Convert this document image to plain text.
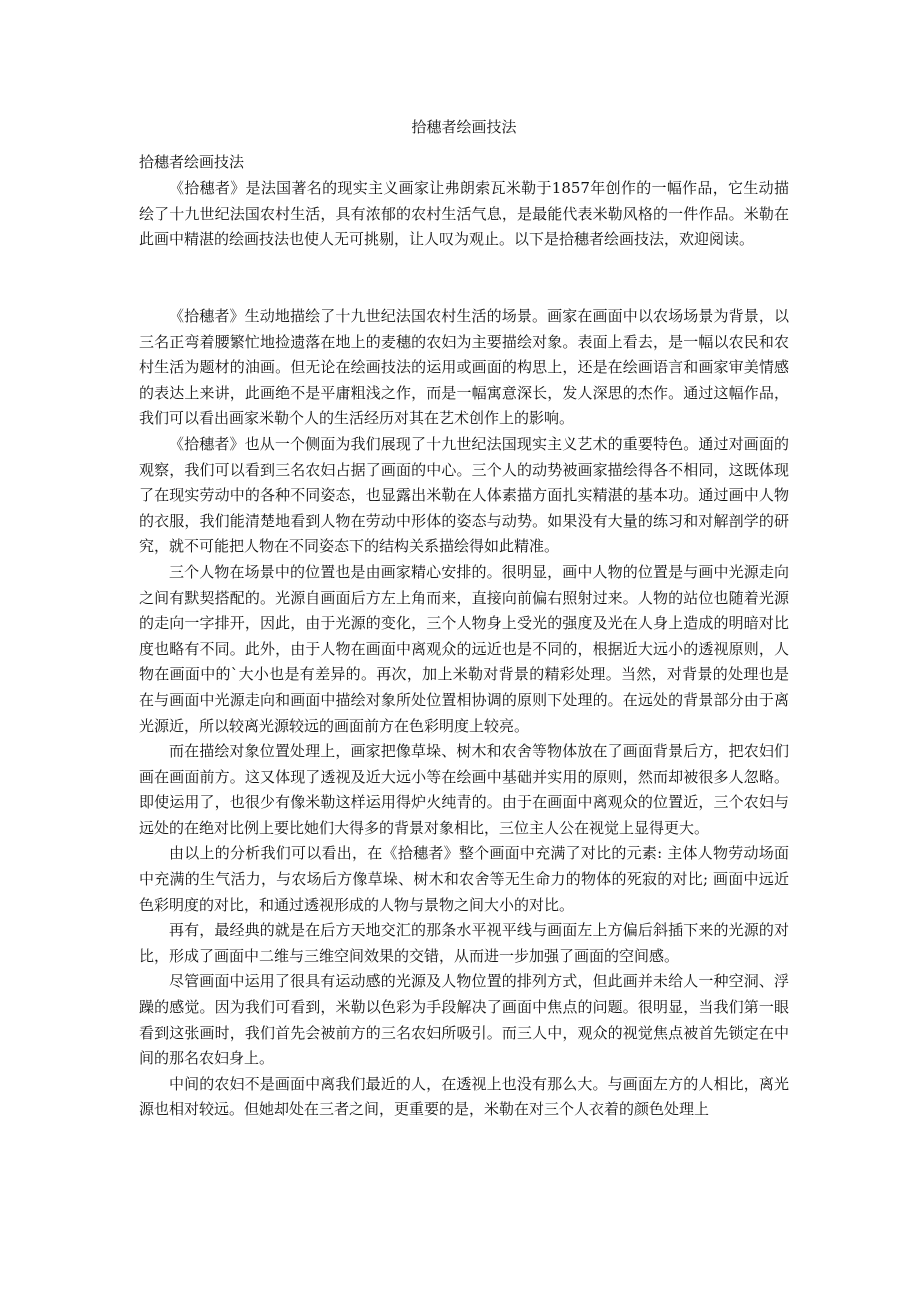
拾穗者绘画技法

拾穗者绘画技法

《拾穗者》是法国著名的现实主义画家让弗朗索瓦米勒于1857年创作的一幅作品，它生动描绘了十九世纪法国农村生活，具有浓郁的农村生活气息，是最能代表米勒风格的一件作品。米勒在此画中精湛的绘画技法也使人无可挑剔，让人叹为观止。以下是拾穗者绘画技法，欢迎阅读。

《拾穗者》生动地描绘了十九世纪法国农村生活的场景。画家在画面中以农场场景为背景，以三名正弯着腰繁忙地捡遗落在地上的麦穗的农妇为主要描绘对象。表面上看去，是一幅以农民和农村生活为题材的油画。但无论在绘画技法的运用或画面的构思上，还是在绘画语言和画家审美情感的表达上来讲，此画绝不是平庸粗浅之作，而是一幅寓意深长，发人深思的杰作。通过这幅作品，我们可以看出画家米勒个人的生活经历对其在艺术创作上的影响。

《拾穗者》也从一个侧面为我们展现了十九世纪法国现实主义艺术的重要特色。通过对画面的观察，我们可以看到三名农妇占据了画面的中心。三个人的动势被画家描绘得各不相同，这既体现了在现实劳动中的各种不同姿态，也显露出米勒在人体素描方面扎实精湛的基本功。通过画中人物的衣服，我们能清楚地看到人物在劳动中形体的姿态与动势。如果没有大量的练习和对解剖学的研究，就不可能把人物在不同姿态下的结构关系描绘得如此精准。

三个人物在场景中的位置也是由画家精心安排的。很明显，画中人物的位置是与画中光源走向之间有默契搭配的。光源自画面后方左上角而来，直接向前偏右照射过来。人物的站位也随着光源的走向一字排开，因此，由于光源的变化，三个人物身上受光的强度及光在人身上造成的明暗对比度也略有不同。此外，由于人物在画面中离观众的远近也是不同的，根据近大远小的透视原则，人物在画面中的`大小也是有差异的。再次，加上米勒对背景的精彩处理。当然，对背景的处理也是在与画面中光源走向和画面中描绘对象所处位置相协调的原则下处理的。在远处的背景部分由于离光源近，所以较离光源较远的画面前方在色彩明度上较亮。

而在描绘对象位置处理上，画家把像草垛、树木和农舍等物体放在了画面背景后方，把农妇们画在画面前方。这又体现了透视及近大远小等在绘画中基础并实用的原则，然而却被很多人忽略。即使运用了，也很少有像米勒这样运用得炉火纯青的。由于在画面中离观众的位置近，三个农妇与远处的在绝对比例上要比她们大得多的背景对象相比，三位主人公在视觉上显得更大。

由以上的分析我们可以看出，在《拾穗者》整个画面中充满了对比的元素: 主体人物劳动场面中充满的生气活力，与农场后方像草垛、树木和农舍等无生命力的物体的死寂的对比; 画面中远近色彩明度的对比，和通过透视形成的人物与景物之间大小的对比。

再有，最经典的就是在后方天地交汇的那条水平视平线与画面左上方偏后斜插下来的光源的对比，形成了画面中二维与三维空间效果的交错，从而进一步加强了画面的空间感。

尽管画面中运用了很具有运动感的光源及人物位置的排列方式，但此画并未给人一种空洞、浮躁的感觉。因为我们可看到，米勒以色彩为手段解决了画面中焦点的问题。很明显，当我们第一眼看到这张画时，我们首先会被前方的三名农妇所吸引。而三人中，观众的视觉焦点被首先锁定在中间的那名农妇身上。

中间的农妇不是画面中离我们最近的人，在透视上也没有那么大。与画面左方的人相比，离光源也相对较远。但她却处在三者之间，更重要的是，米勒在对三个人衣着的颜色处理上
